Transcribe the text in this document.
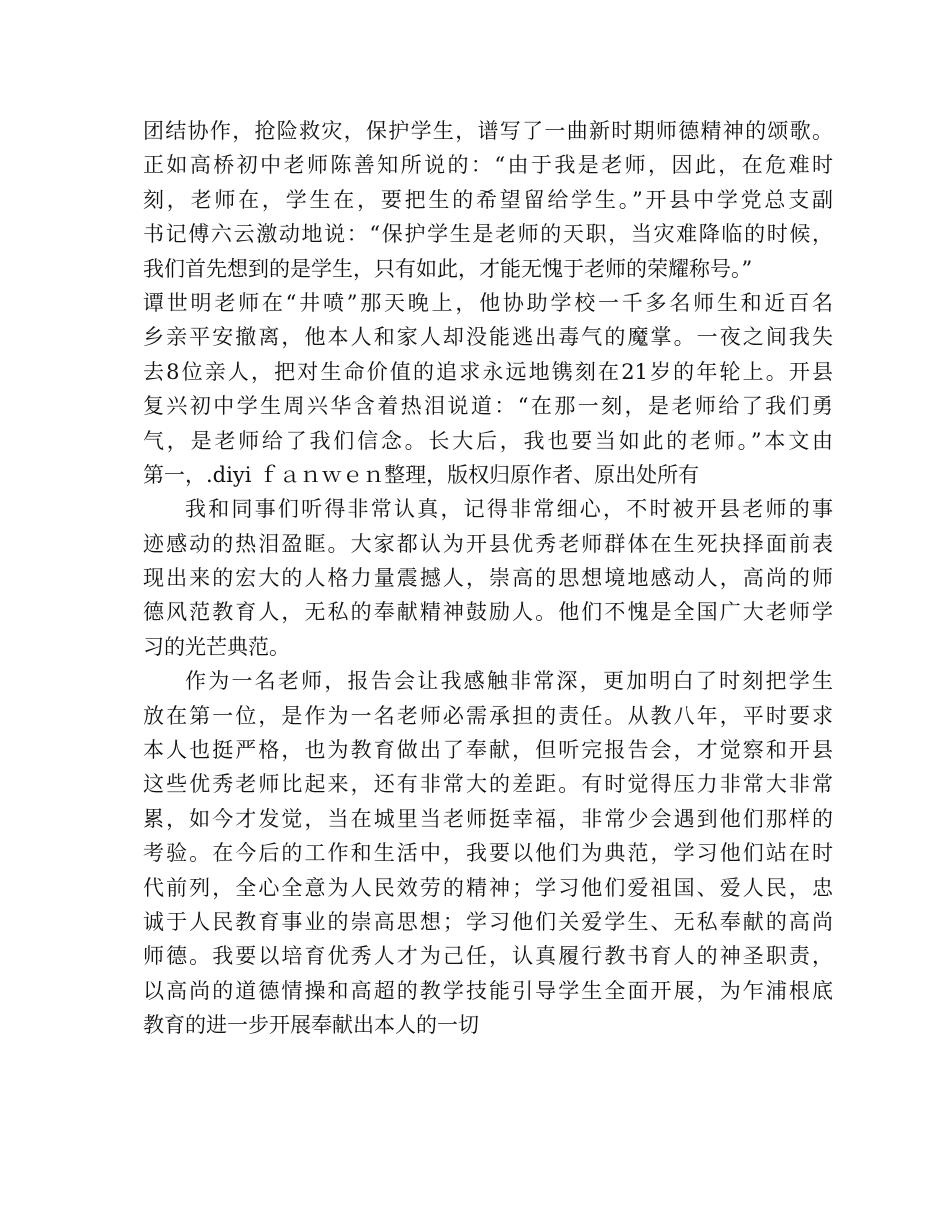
团结协作，抢险救灾，保护学生，谱写了一曲新时期师德精神的颂歌。
正如高桥初中老师陈善知所说的：“由于我是老师，因此，在危难时
刻，老师在，学生在，要把生的希望留给学生。”开县中学党总支副
书记傅六云激动地说：“保护学生是老师的天职，当灾难降临的时候，
我们首先想到的是学生，只有如此，才能无愧于老师的荣耀称号。”
谭世明老师在“井喷”那天晚上，他协助学校一千多名师生和近百名
乡亲平安撤离，他本人和家人却没能逃出毒气的魔掌。一夜之间我失
去8位亲人，把对生命价值的追求永远地镌刻在21岁的年轮上。开县
复兴初中学生周兴华含着热泪说道：“在那一刻，是老师给了我们勇
气，是老师给了我们信念。长大后，我也要当如此的老师。”本文由
第一，.diyi ｆａｎｗｅｎ整理，版权归原作者、原出处所有
我和同事们听得非常认真，记得非常细心，不时被开县老师的事
迹感动的热泪盈眶。大家都认为开县优秀老师群体在生死抉择面前表
现出来的宏大的人格力量震撼人，崇高的思想境地感动人，高尚的师
德风范教育人，无私的奉献精神鼓励人。他们不愧是全国广大老师学
习的光芒典范。
作为一名老师，报告会让我感触非常深，更加明白了时刻把学生
放在第一位，是作为一名老师必需承担的责任。从教八年，平时要求
本人也挺严格，也为教育做出了奉献，但听完报告会，才觉察和开县
这些优秀老师比起来，还有非常大的差距。有时觉得压力非常大非常
累，如今才发觉，当在城里当老师挺幸福，非常少会遇到他们那样的
考验。在今后的工作和生活中，我要以他们为典范，学习他们站在时
代前列，全心全意为人民效劳的精神；学习他们爱祖国、爱人民，忠
诚于人民教育事业的崇高思想；学习他们关爱学生、无私奉献的高尚
师德。我要以培育优秀人才为己任，认真履行教书育人的神圣职责，
以高尚的道德情操和高超的教学技能引导学生全面开展，为乍浦根底
教育的进一步开展奉献出本人的一切
